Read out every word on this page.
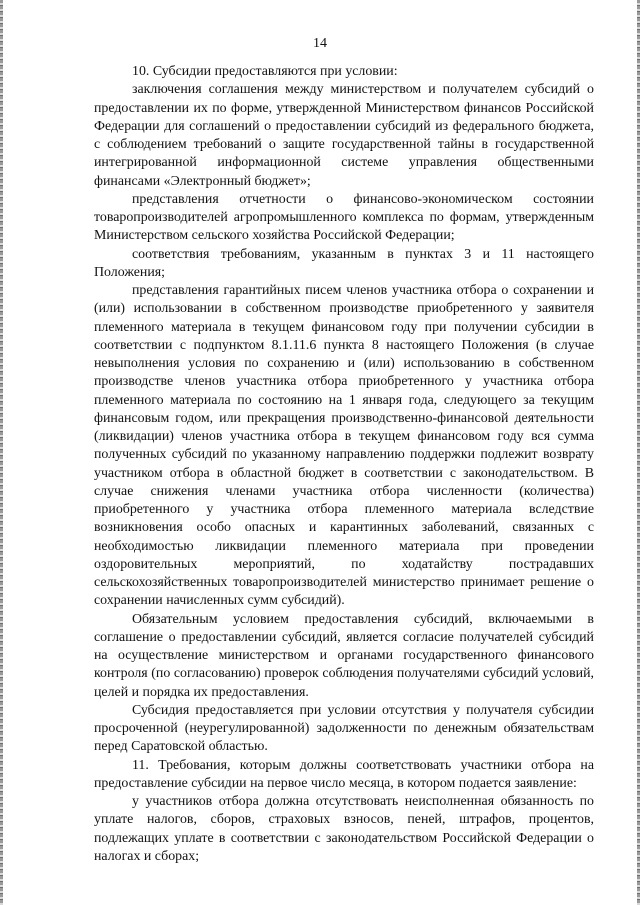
14

10. Субсидии предоставляются при условии:

заключения соглашения между министерством и получателем субсидий о предоставлении их по форме, утвержденной Министерством финансов Российской Федерации для соглашений о предоставлении субсидий из федерального бюджета, с соблюдением требований о защите государственной тайны в государственной интегрированной информационной системе управления общественными финансами «Электронный бюджет»;

представления отчетности о финансово-экономическом состоянии товаропроизводителей агропромышленного комплекса по формам, утвержденным Министерством сельского хозяйства Российской Федерации;

соответствия требованиям, указанным в пунктах 3 и 11 настоящего Положения;

представления гарантийных писем членов участника отбора о сохранении и (или) использовании в собственном производстве приобретенного у заявителя племенного материала в текущем финансовом году при получении субсидии в соответствии с подпунктом 8.1.11.6 пункта 8 настоящего Положения (в случае невыполнения условия по сохранению и (или) использованию в собственном производстве членов участника отбора приобретенного у участника отбора племенного материала по состоянию на 1 января года, следующего за текущим финансовым годом, или прекращения производственно-финансовой деятельности (ликвидации) членов участника отбора в текущем финансовом году вся сумма полученных субсидий по указанному направлению поддержки подлежит возврату участником отбора в областной бюджет в соответствии с законодательством. В случае снижения членами участника отбора численности (количества) приобретенного у участника отбора племенного материала вследствие возникновения особо опасных и карантинных заболеваний, связанных с необходимостью ликвидации племенного материала при проведении оздоровительных мероприятий, по ходатайству пострадавших сельскохозяйственных товаропроизводителей министерство принимает решение о сохранении начисленных сумм субсидий).

Обязательным условием предоставления субсидий, включаемыми в соглашение о предоставлении субсидий, является согласие получателей субсидий на осуществление министерством и органами государственного финансового контроля (по согласованию) проверок соблюдения получателями субсидий условий, целей и порядка их предоставления.

Субсидия предоставляется при условии отсутствия у получателя субсидии просроченной (неурегулированной) задолженности по денежным обязательствам перед Саратовской областью.

11. Требования, которым должны соответствовать участники отбора на предоставление субсидии на первое число месяца, в котором подается заявление:

у участников отбора должна отсутствовать неисполненная обязанность по уплате налогов, сборов, страховых взносов, пеней, штрафов, процентов, подлежащих уплате в соответствии с законодательством Российской Федерации о налогах и сборах;
